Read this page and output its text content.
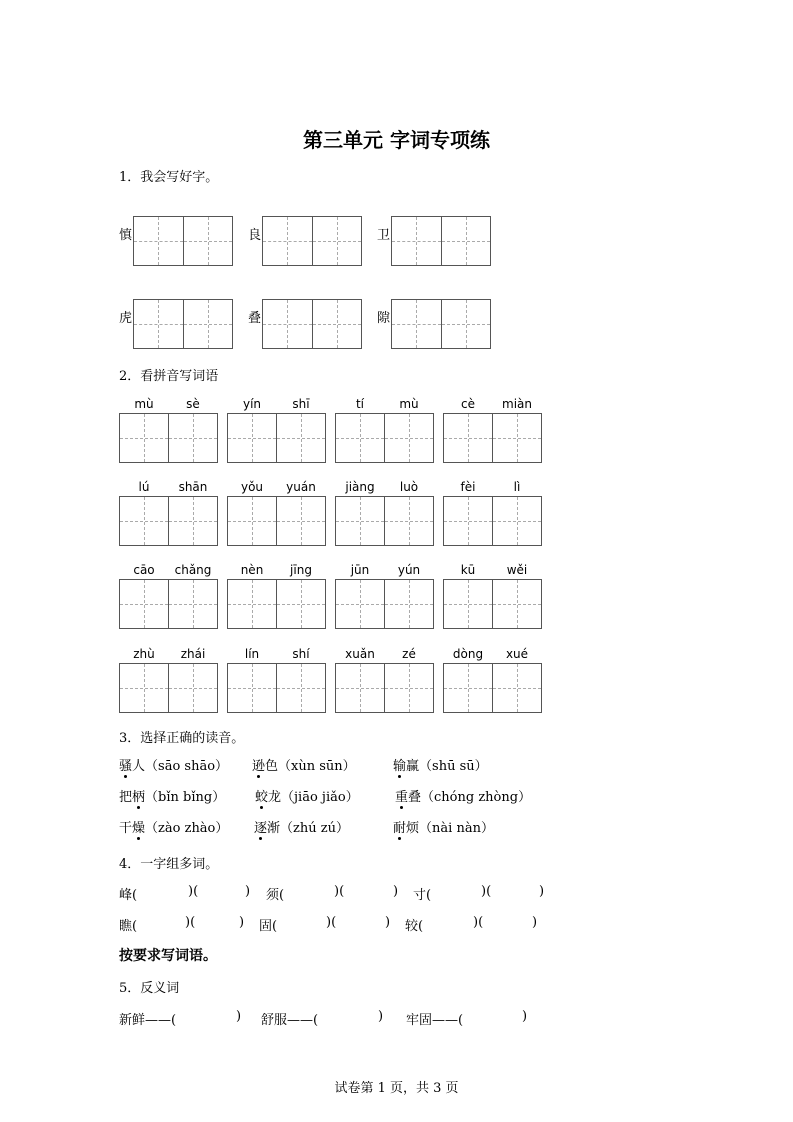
第三单元 字词专项练
1．我会写好字。
慎	良	卫
虎	叠	隙
2．看拼音写词语
mù	sè	yín	shī	tí	mù	cè	miàn
lú	shān	yǒu	yuán	jiàng	luò	fèi	lì
cāo	chǎng	nèn	jīng	jūn	yún	kū	wěi
zhù	zhái	lín	shí	xuǎn	zé	dòng	xué
3．选择正确的读音。
骚人（sāo shāo） 逊色（xùn sūn）	输赢（shū sū）
把柄（bǐn bǐng） 蛟龙（jiāo jiǎo）	重叠（chóng zhòng）
干燥（zào zhào） 逐渐（zhú zú）	耐烦（nài nàn）
4．一字组多词。
峰(	)(	) 须(	)(	) 寸(	)(	)
瞧(	)(	) 固(	)(	) 较(	)(	)
按要求写词语。
5．反义词
新鲜——(	) 舒服——(	) 牢固——(	)
试卷第 1 页，共 3 页
